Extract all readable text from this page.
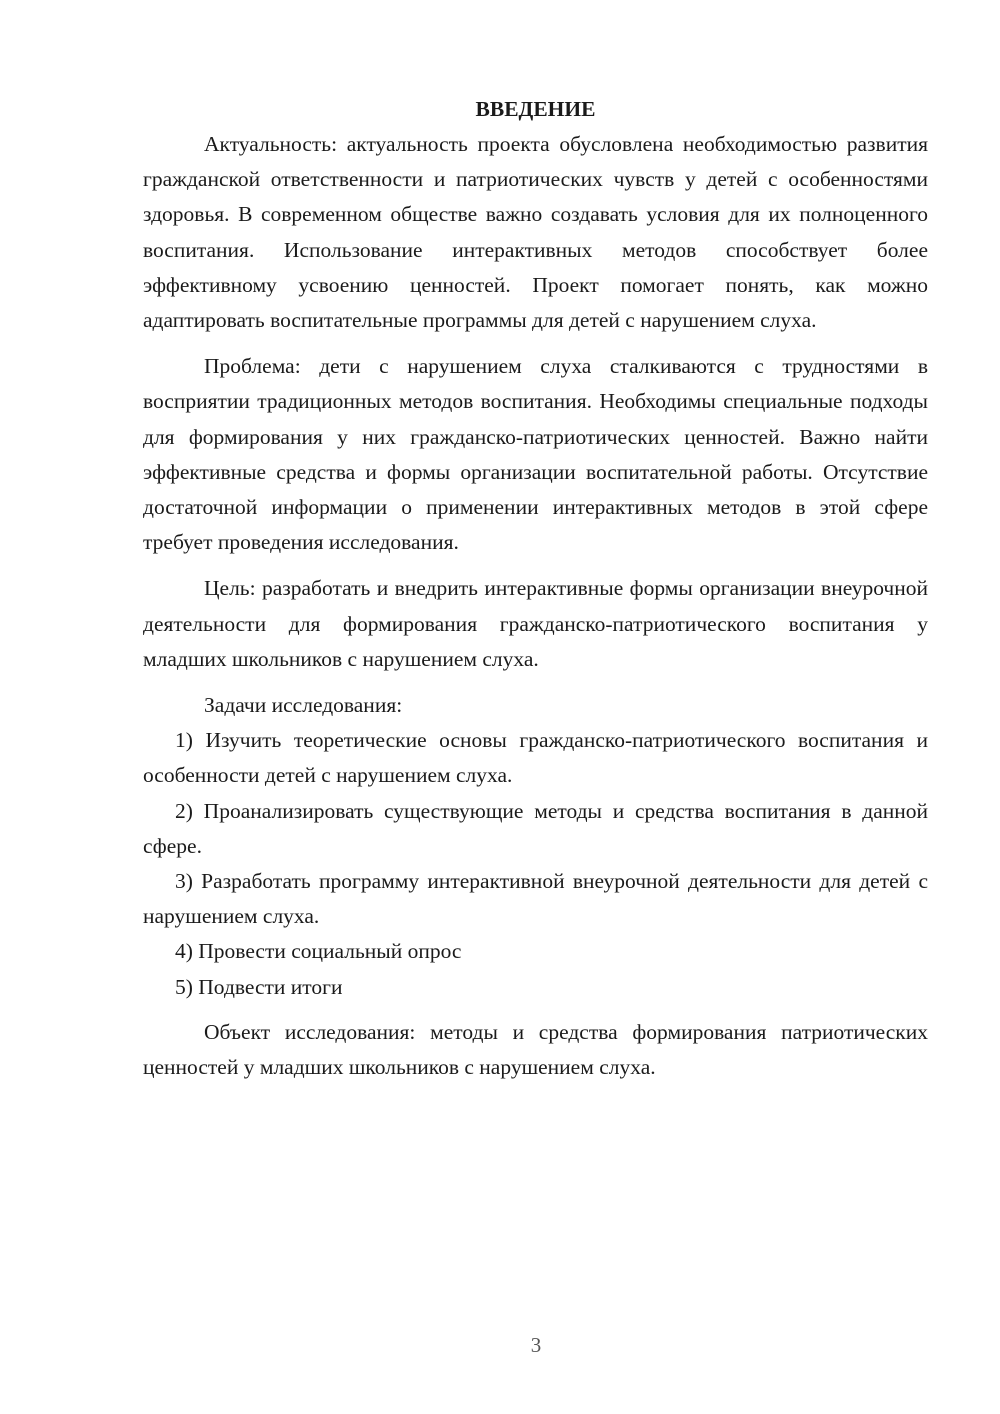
ВВЕДЕНИЕ

Актуальность: актуальность проекта обусловлена необходимостью развития гражданской ответственности и патриотических чувств у детей с особенностями здоровья. В современном обществе важно создавать условия для их полноценного воспитания. Использование интерактивных методов способствует более эффективному усвоению ценностей. Проект помогает понять, как можно адаптировать воспитательные программы для детей с нарушением слуха.

Проблема: дети с нарушением слуха сталкиваются с трудностями в восприятии традиционных методов воспитания. Необходимы специальные подходы для формирования у них гражданско-патриотических ценностей. Важно найти эффективные средства и формы организации воспитательной работы. Отсутствие достаточной информации о применении интерактивных методов в этой сфере требует проведения исследования.

Цель: разработать и внедрить интерактивные формы организации внеурочной деятельности для формирования гражданско-патриотического воспитания у младших школьников с нарушением слуха.

Задачи исследования:

1) Изучить теоретические основы гражданско-патриотического воспитания и особенности детей с нарушением слуха.

2) Проанализировать существующие методы и средства воспитания в данной сфере.

3) Разработать программу интерактивной внеурочной деятельности для детей с нарушением слуха.

4) Провести социальный опрос

5) Подвести итоги

Объект исследования: методы и средства формирования патриотических ценностей у младших школьников с нарушением слуха.

3
